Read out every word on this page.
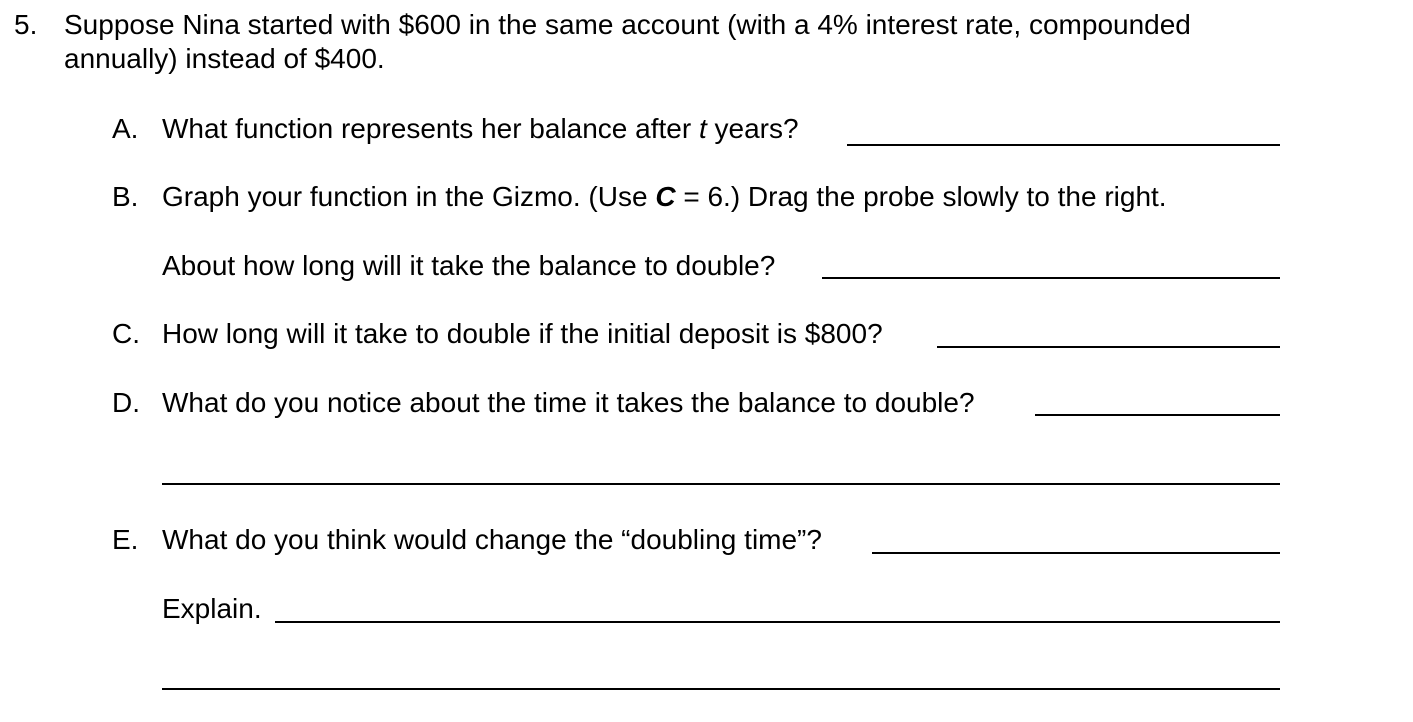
5. Suppose Nina started with $600 in the same account (with a 4% interest rate, compounded
annually) instead of $400.
A. What function represents her balance after t years?
B. Graph your function in the Gizmo. (Use C = 6.) Drag the probe slowly to the right.
About how long will it take the balance to double?
C. How long will it take to double if the initial deposit is $800?
D. What do you notice about the time it takes the balance to double?
E. What do you think would change the “doubling time”?
Explain.
